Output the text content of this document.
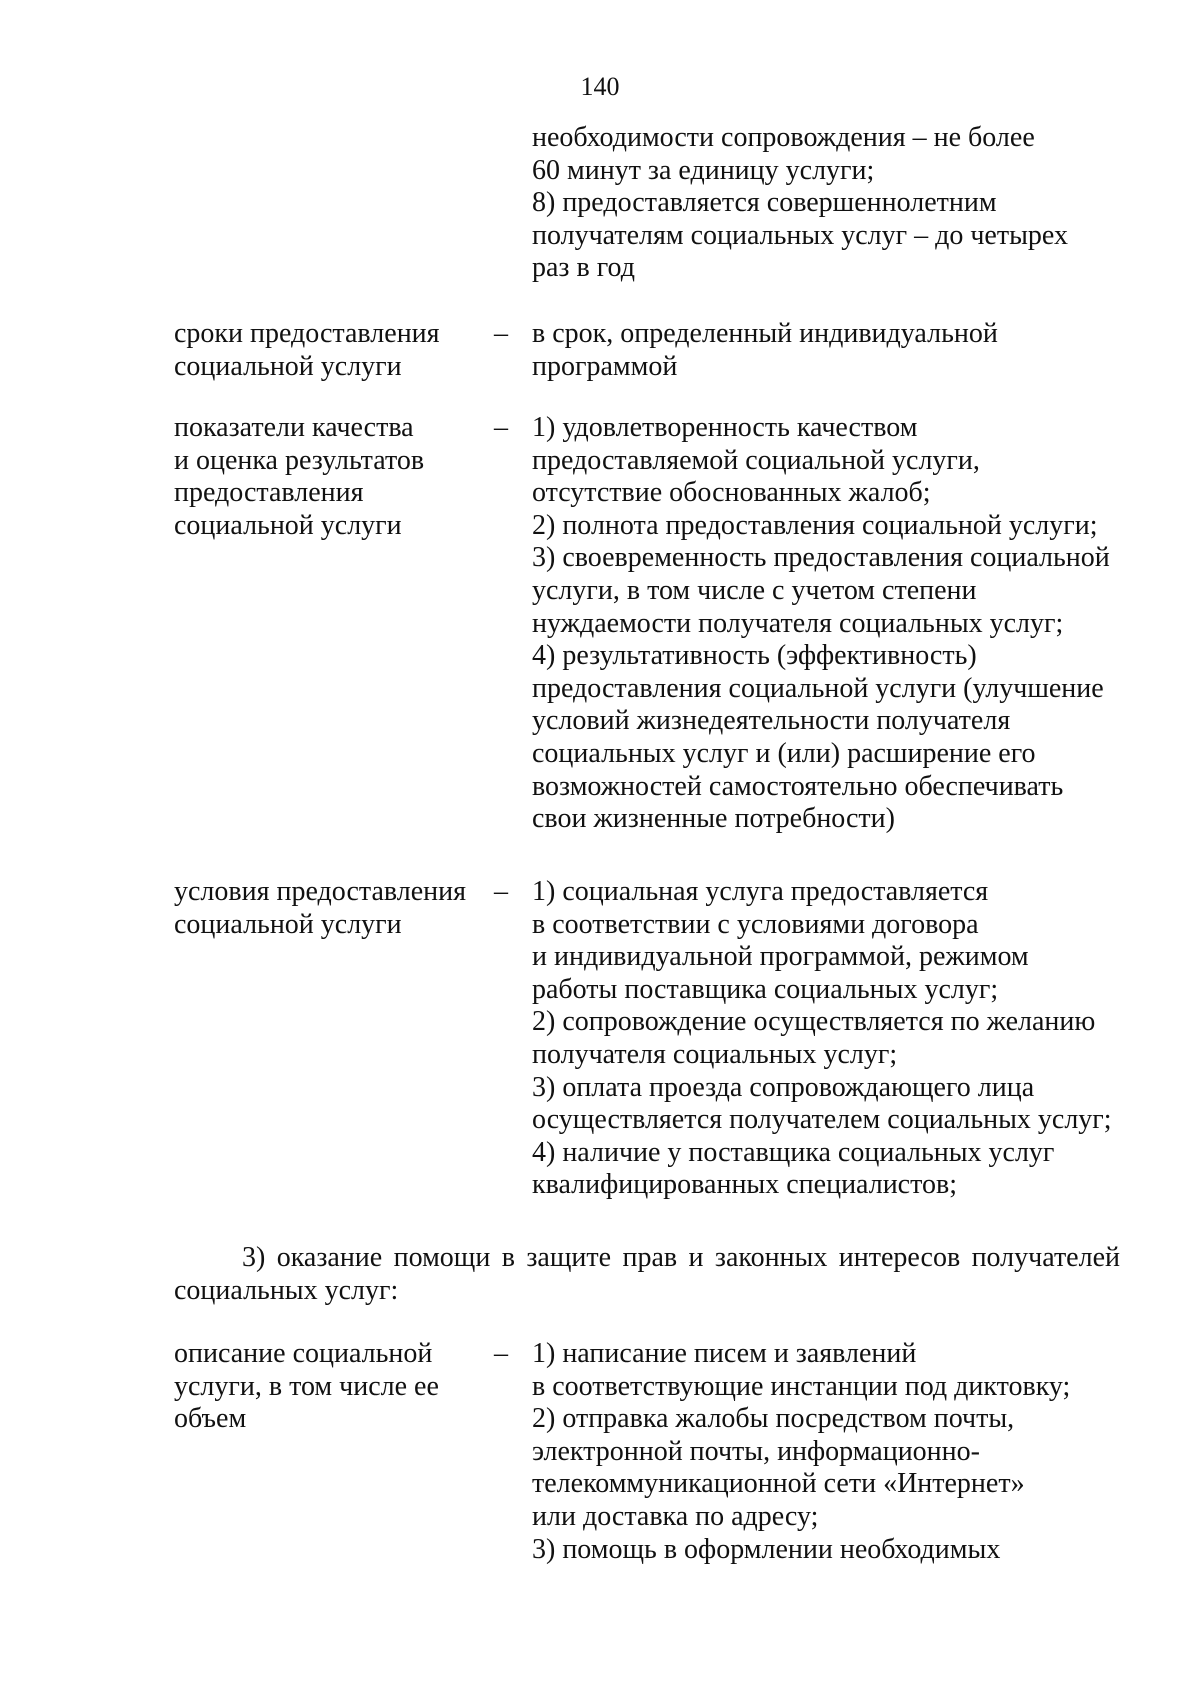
140
необходимости сопровождения – не более
60 минут за единицу услуги;
8) предоставляется совершеннолетним
получателям социальных услуг – до четырех
раз в год
сроки предоставления
социальной услуги
– в срок, определенный индивидуальной
программой
показатели качества
и оценка результатов
предоставления
социальной услуги
– 1) удовлетворенность качеством
предоставляемой социальной услуги,
отсутствие обоснованных жалоб;
2) полнота предоставления социальной услуги;
3) своевременность предоставления социальной
услуги, в том числе с учетом степени
нуждаемости получателя социальных услуг;
4) результативность (эффективность)
предоставления социальной услуги (улучшение
условий жизнедеятельности получателя
социальных услуг и (или) расширение его
возможностей самостоятельно обеспечивать
свои жизненные потребности)
условия предоставления
социальной услуги
– 1) социальная услуга предоставляется
в соответствии с условиями договора
и индивидуальной программой, режимом
работы поставщика социальных услуг;
2) сопровождение осуществляется по желанию
получателя социальных услуг;
3) оплата проезда сопровождающего лица
осуществляется получателем социальных услуг;
4) наличие у поставщика социальных услуг
квалифицированных специалистов;
3) оказание помощи в защите прав и законных интересов получателей
социальных услуг:
описание социальной
услуги, в том числе ее
объем
– 1) написание писем и заявлений
в соответствующие инстанции под диктовку;
2) отправка жалобы посредством почты,
электронной почты, информационно-
телекоммуникационной сети «Интернет»
или доставка по адресу;
3) помощь в оформлении необходимых
